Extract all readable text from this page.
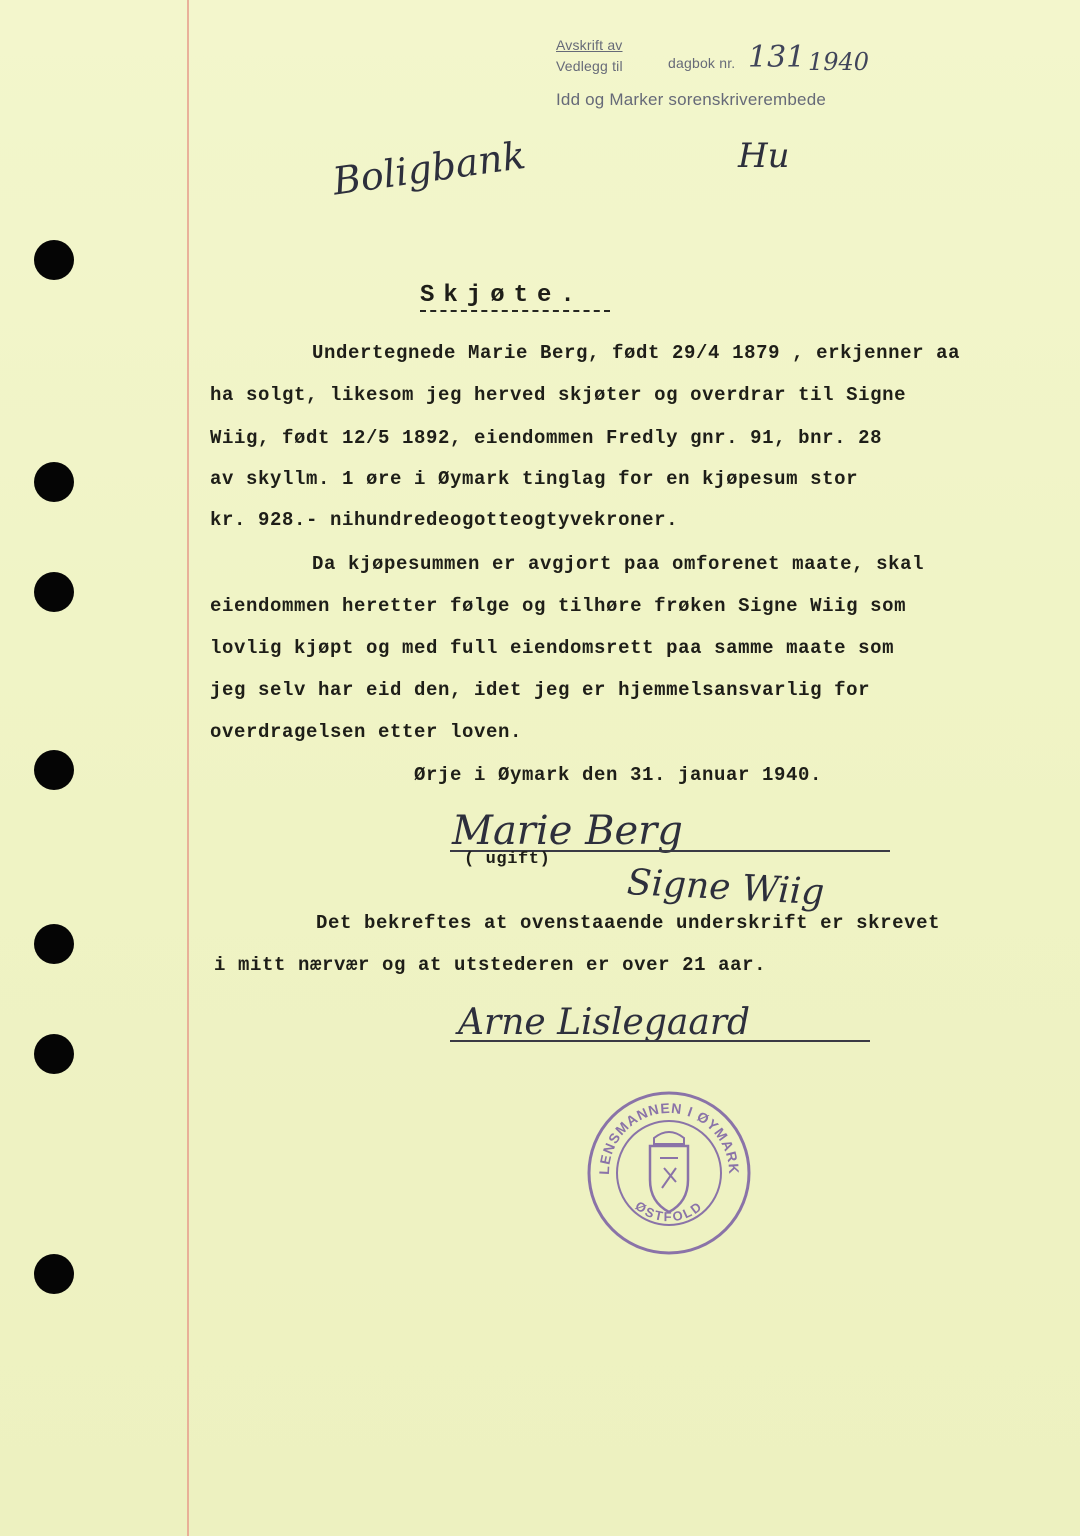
Avskrift av
dagbok nr.
Vedlegg til	131 1940
Idd og Marker sorenskriverembede
Boligbank	Hu
Skjøte.
Undertegnede Marie Berg, født 29/4 1879 , erkjenner aa
ha solgt, likesom jeg herved skjøter og overdrar til Signe
Wiig, født 12/5 1892, eiendommen Fredly gnr. 91, bnr. 28
av skyllm. 1 øre i Øymark tinglag for en kjøpesum stor
kr. 928.- nihundredeogotteogtyvekroner.
Da kjøpesummen er avgjort paa omforenet maate, skal
eiendommen heretter følge og tilhøre frøken Signe Wiig som
lovlig kjøpt og med full eiendomsrett paa samme maate som
jeg selv har eid den, idet jeg er hjemmelsansvarlig for
overdragelsen etter loven.
Ørje i Øymark den 31. januar 1940.
Marie Berg
( ugift)
Signe Wiig
Det bekreftes at ovenstaaende underskrift er skrevet
i mitt nærvær og at utstederen er over 21 aar.
Arne Lislegaard
LENSMANNEN I ØYMARK
ØSTFOLD
